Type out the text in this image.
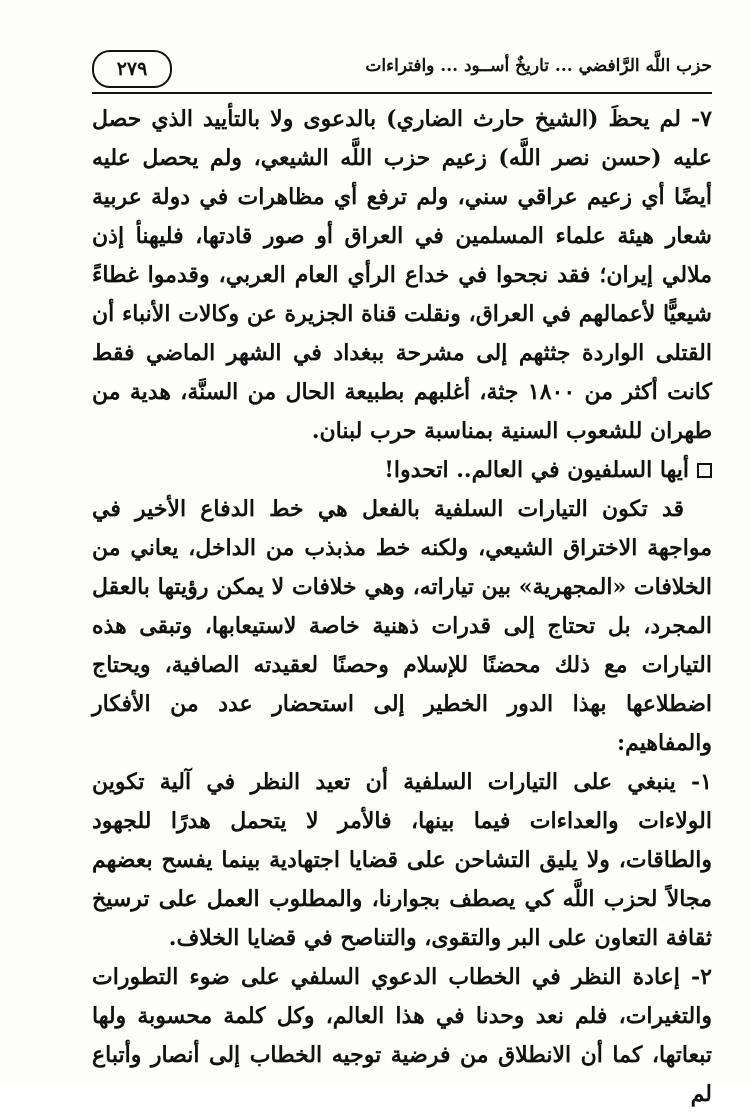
حزب اللَّه الرَّافضي ... تاريخٌ أســود ... وافتراءات
٢٧٩

٧- لم يحظَ (الشيخ حارث الضاري) بالدعوى ولا بالتأييد الذي حصل عليه (حسن نصر اللَّه) زعيم حزب اللَّه الشيعي، ولم يحصل عليه أيضًا أي زعيم عراقي سني، ولم ترفع أي مظاهرات في دولة عربية شعار هيئة علماء المسلمين في العراق أو صور قادتها، فليهنأ إذن ملالي إيران؛ فقد نجحوا في خداع الرأي العام العربي، وقدموا غطاءً شيعيًّا لأعمالهم في العراق، ونقلت قناة الجزيرة عن وكالات الأنباء أن القتلى الواردة جثثهم إلى مشرحة ببغداد في الشهر الماضي فقط كانت أكثر من ١٨٠٠ جثة، أغلبهم بطبيعة الحال من السنَّة، هدية من طهران للشعوب السنية بمناسبة حرب لبنان.

أيها السلفيون في العالم.. اتحدوا!

قد تكون التيارات السلفية بالفعل هي خط الدفاع الأخير في مواجهة الاختراق الشيعي، ولكنه خط مذبذب من الداخل، يعاني من الخلافات «المجهرية» بين تياراته، وهي خلافات لا يمكن رؤيتها بالعقل المجرد، بل تحتاج إلى قدرات ذهنية خاصة لاستيعابها، وتبقى هذه التيارات مع ذلك محضنًا للإسلام وحصنًا لعقيدته الصافية، ويحتاج اضطلاعها بهذا الدور الخطير إلى استحضار عدد من الأفكار والمفاهيم:

١- ينبغي على التيارات السلفية أن تعيد النظر في آلية تكوين الولاءات والعداءات فيما بينها، فالأمر لا يتحمل هدرًا للجهود والطاقات، ولا يليق التشاحن على قضايا اجتهادية بينما يفسح بعضهم مجالاً لحزب اللَّه كي يصطف بجوارنا، والمطلوب العمل على ترسيخ ثقافة التعاون على البر والتقوى، والتناصح في قضايا الخلاف.

٢- إعادة النظر في الخطاب الدعوي السلفي على ضوء التطورات والتغيرات، فلم نعد وحدنا في هذا العالم، وكل كلمة محسوبة ولها تبعاتها، كما أن الانطلاق من فرضية توجيه الخطاب إلى أنصار وأتباع لم
